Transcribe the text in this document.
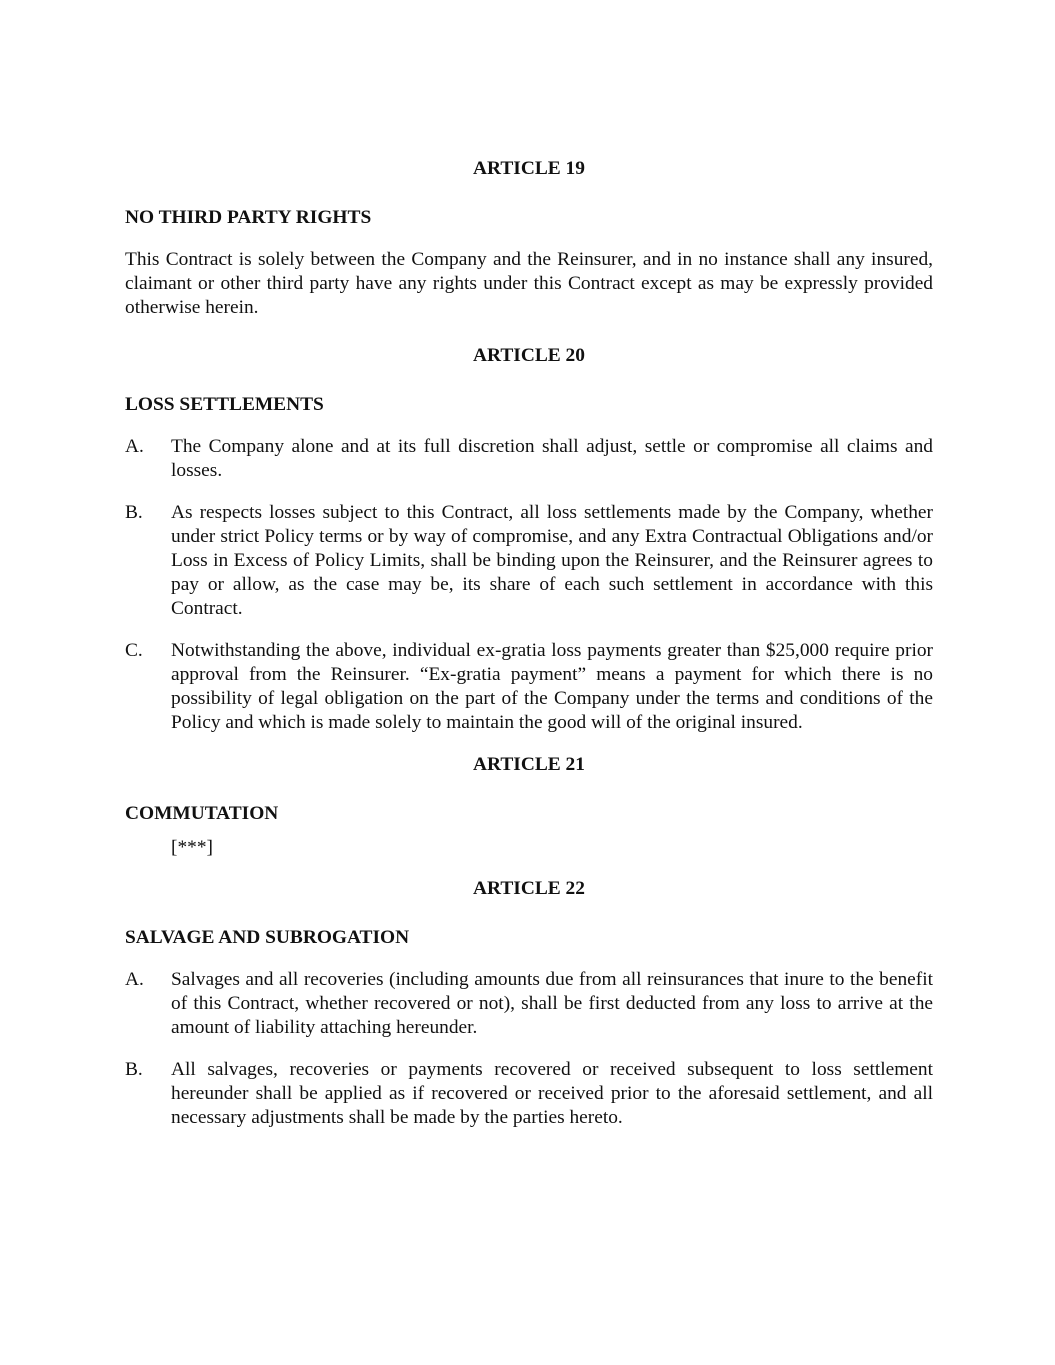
ARTICLE 19
NO THIRD PARTY RIGHTS

This Contract is solely between the Company and the Reinsurer, and in no instance shall any insured, claimant or other third party have any rights under this Contract except as may be expressly provided otherwise herein.

ARTICLE 20
LOSS SETTLEMENTS
A.	The Company alone and at its full discretion shall adjust, settle or compromise all claims and losses.
B.	As respects losses subject to this Contract, all loss settlements made by the Company, whether under strict Policy terms or by way of compromise, and any Extra Contractual Obligations and/or Loss in Excess of Policy Limits, shall be binding upon the Reinsurer, and the Reinsurer agrees to pay or allow, as the case may be, its share of each such settlement in accordance with this Contract.
C.	Notwithstanding the above, individual ex-gratia loss payments greater than $25,000 require prior approval from the Reinsurer. “Ex-gratia payment” means a payment for which there is no possibility of legal obligation on the part of the Company under the terms and conditions of the Policy and which is made solely to maintain the good will of the original insured.
ARTICLE 21
COMMUTATION

[***]

ARTICLE 22
SALVAGE AND SUBROGATION
A.	Salvages and all recoveries (including amounts due from all reinsurances that inure to the benefit of this Contract, whether recovered or not), shall be first deducted from any loss to arrive at the amount of liability attaching hereunder.
B.	All salvages, recoveries or payments recovered or received subsequent to loss settlement hereunder shall be applied as if recovered or received prior to the aforesaid settlement, and all necessary adjustments shall be made by the parties hereto.
